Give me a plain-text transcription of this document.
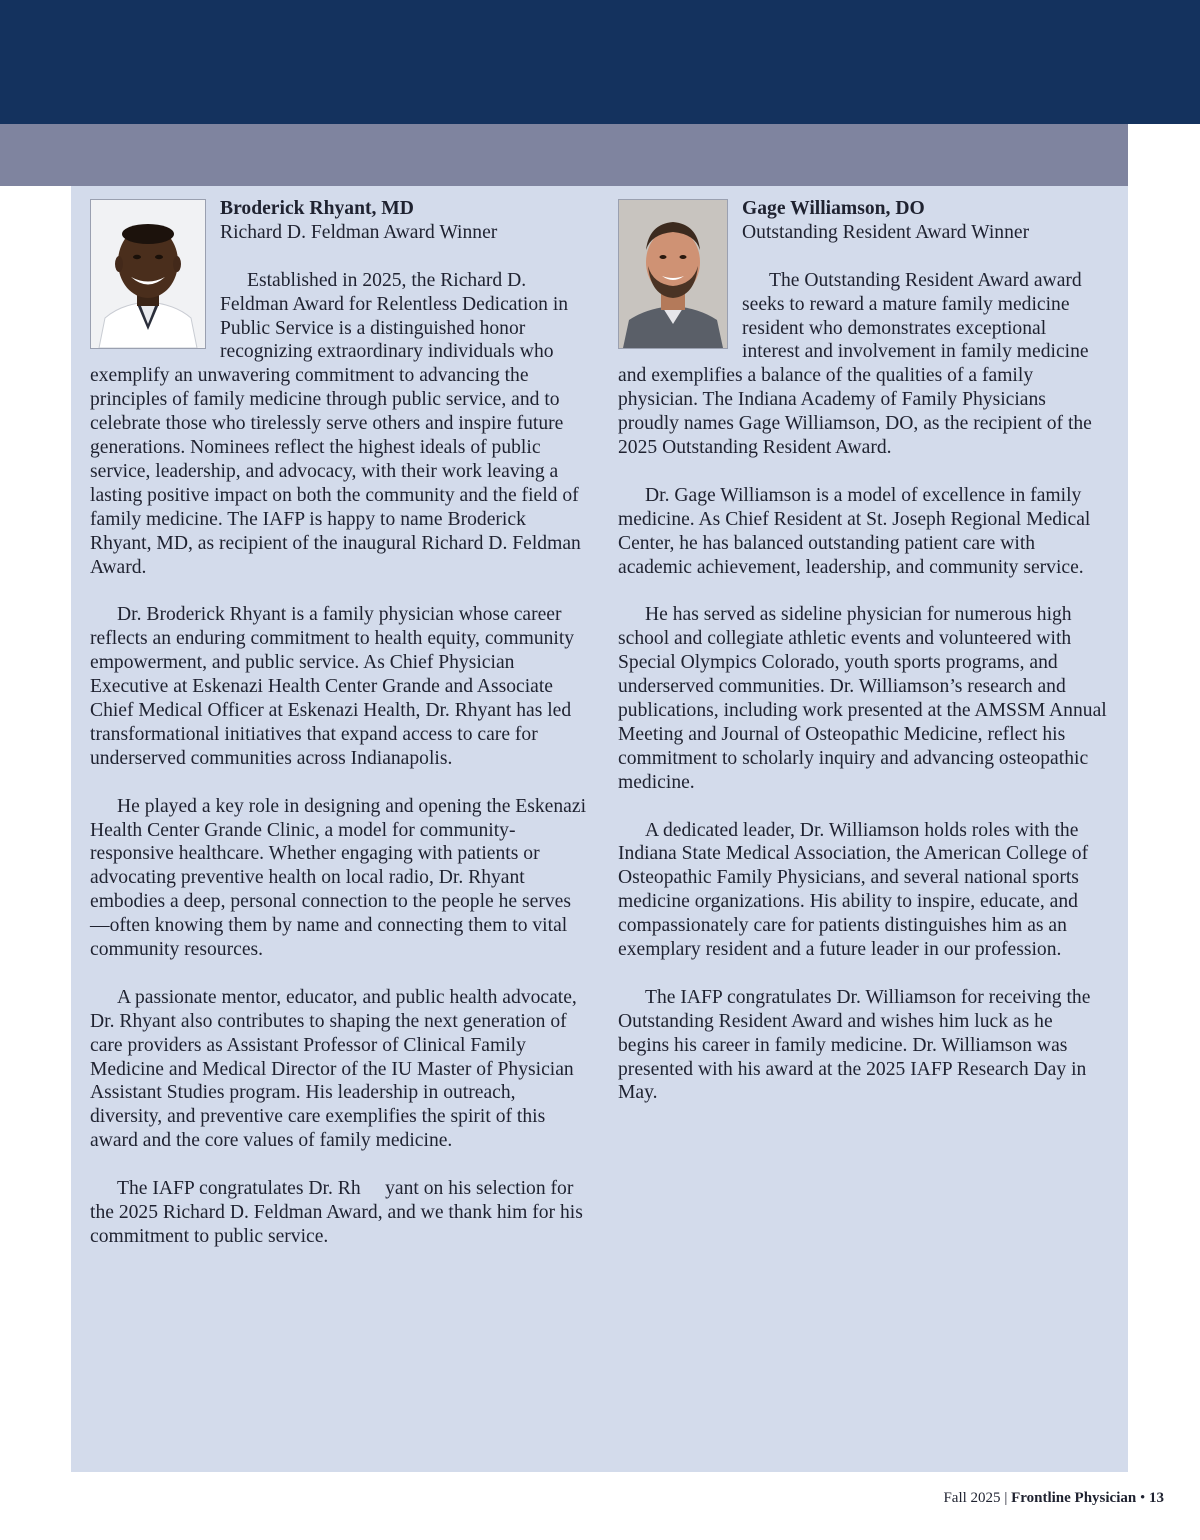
Broderick Rhyant, MD

Richard D. Feldman Award Winner

Established in 2025, the Richard D. Feldman Award for Relentless Dedication in Public Service is a distinguished honor recognizing extraordinary individuals who exemplify an unwavering commitment to advancing the principles of family medicine through public service, and to celebrate those who tirelessly serve others and inspire future generations. Nominees reflect the highest ideals of public service, leadership, and advocacy, with their work leaving a lasting positive impact on both the community and the field of family medicine. The IAFP is happy to name Broderick Rhyant, MD, as recipient of the inaugural Richard D. Feldman Award.

Dr. Broderick Rhyant is a family physician whose career reflects an enduring commitment to health equity, community empowerment, and public service. As Chief Physician Executive at Eskenazi Health Center Grande and Associate Chief Medical Officer at Eskenazi Health, Dr. Rhyant has led transformational initiatives that expand access to care for underserved communities across Indianapolis.

He played a key role in designing and opening the Eskenazi Health Center Grande Clinic, a model for community-responsive healthcare. Whether engaging with patients or advocating preventive health on local radio, Dr. Rhyant embodies a deep, personal connection to the people he serves—often knowing them by name and connecting them to vital community resources.

A passionate mentor, educator, and public health advocate, Dr. Rhyant also contributes to shaping the next generation of care providers as Assistant Professor of Clinical Family Medicine and Medical Director of the IU Master of Physician Assistant Studies program. His leadership in outreach, diversity, and preventive care exemplifies the spirit of this award and the core values of family medicine.

The IAFP congratulates Dr. Rh     yant on his selection for the 2025 Richard D. Feldman Award, and we thank him for his commitment to public service.

Gage Williamson, DO

Outstanding Resident Award Winner

The Outstanding Resident Award award seeks to reward a mature family medicine resident who demonstrates exceptional interest and involvement in family medicine and exemplifies a balance of the qualities of a family physician. The Indiana Academy of Family Physicians proudly names Gage Williamson, DO, as the recipient of the 2025 Outstanding Resident Award.

Dr. Gage Williamson is a model of excellence in family medicine. As Chief Resident at St. Joseph Regional Medical Center, he has balanced outstanding patient care with academic achievement, leadership, and community service.

He has served as sideline physician for numerous high school and collegiate athletic events and volunteered with Special Olympics Colorado, youth sports programs, and underserved communities. Dr. Williamson’s research and publications, including work presented at the AMSSM Annual Meeting and Journal of Osteopathic Medicine, reflect his commitment to scholarly inquiry and advancing osteopathic medicine.

A dedicated leader, Dr. Williamson holds roles with the Indiana State Medical Association, the American College of Osteopathic Family Physicians, and several national sports medicine organizations. His ability to inspire, educate, and compassionately care for patients distinguishes him as an exemplary resident and a future leader in our profession.

The IAFP congratulates Dr. Williamson for receiving the Outstanding Resident Award and wishes him luck as he begins his career in family medicine. Dr. Williamson was presented with his award at the 2025 IAFP Research Day in May.

Fall 2025 | Frontline Physician • 13
